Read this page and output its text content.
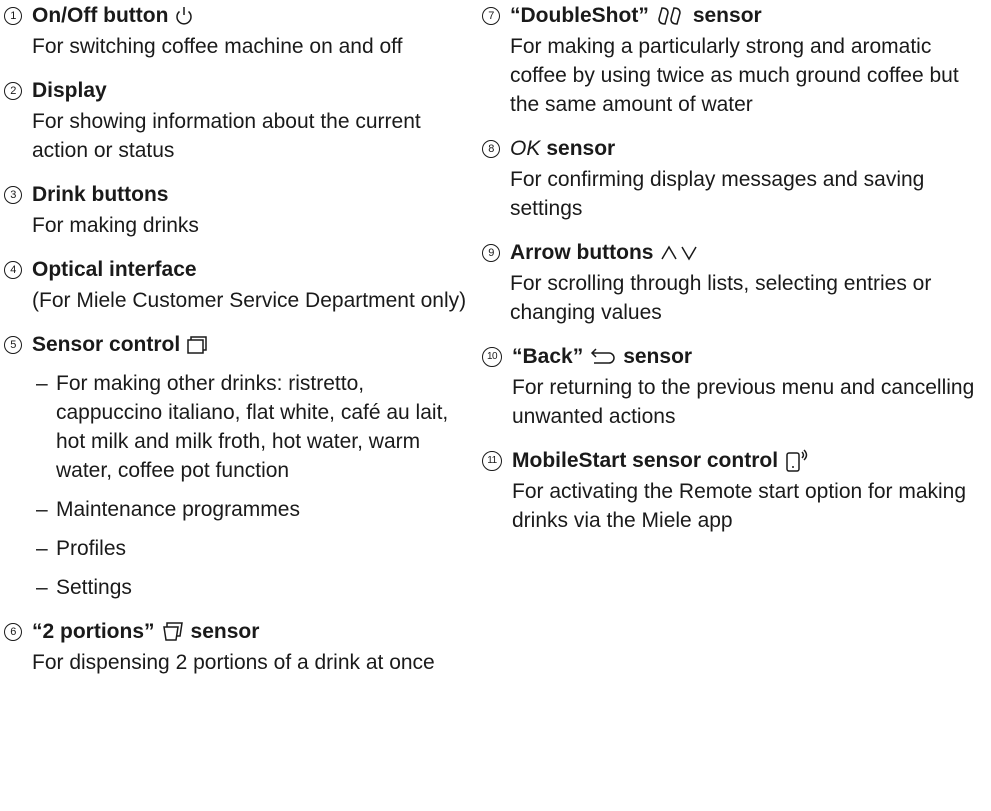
1 On/Off button
For switching coffee machine on and off
2 Display
For showing information about the current action or status
3 Drink buttons
For making drinks
4 Optical interface
(For Miele Customer Service Department only)
5 Sensor control
– For making other drinks: ristretto, cappuccino italiano, flat white, café au lait, hot milk and milk froth, hot water, warm water, coffee pot function
– Maintenance programmes
– Profiles
– Settings
6 “2 portions” sensor
For dispensing 2 portions of a drink at once
7 “DoubleShot” sensor
For making a particularly strong and aromatic coffee by using twice as much ground coffee but the same amount of water
8 OK sensor
For confirming display messages and saving settings
9 Arrow buttons
For scrolling through lists, selecting entries or changing values
10 “Back” sensor
For returning to the previous menu and cancelling unwanted actions
11 MobileStart sensor control
For activating the Remote start option for making drinks via the Miele app
